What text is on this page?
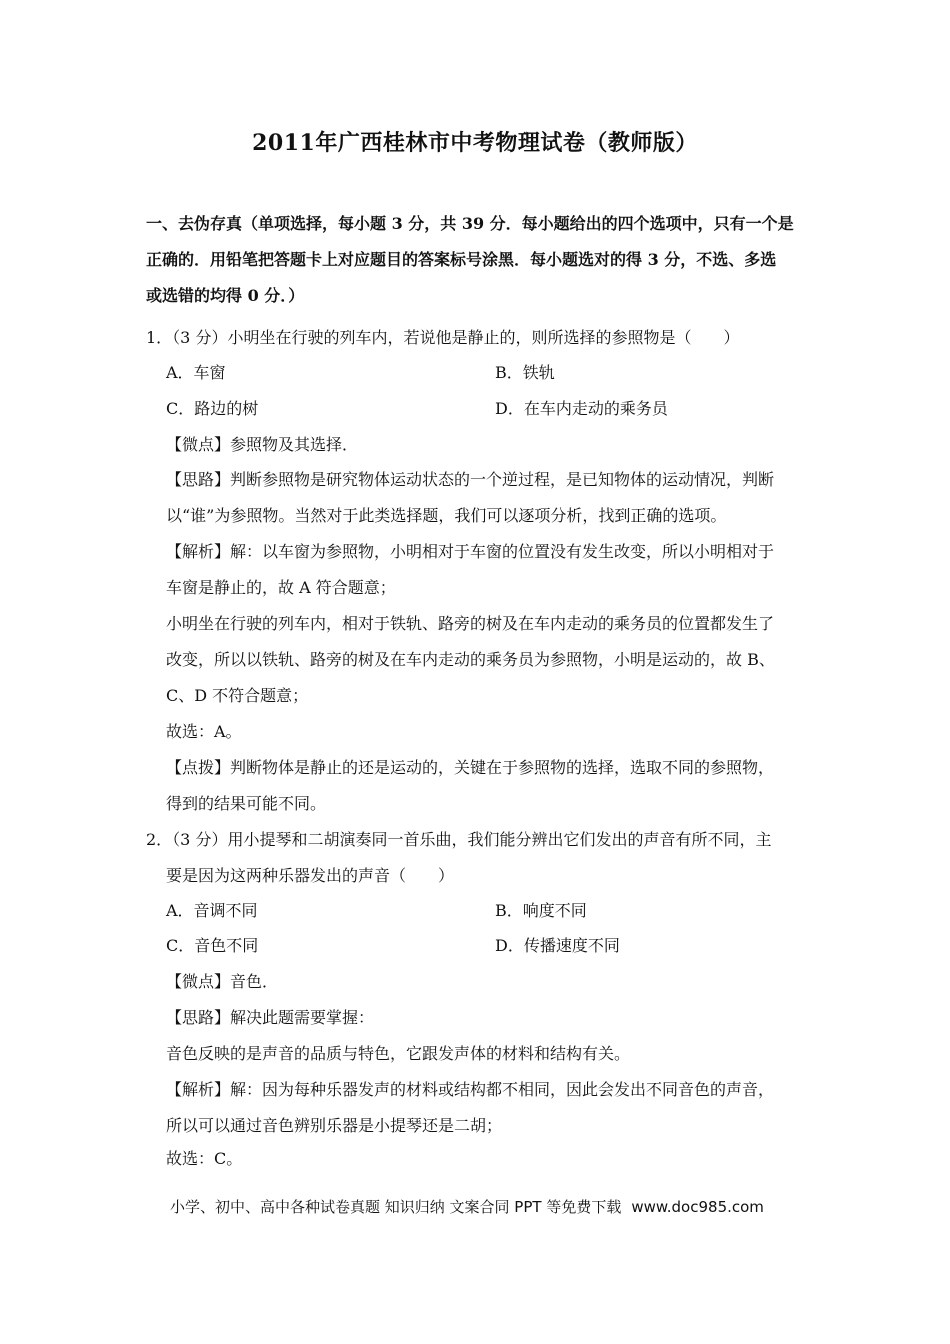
2011年广西桂林市中考物理试卷（教师版）
一、去伪存真（单项选择，每小题 3 分，共 39 分．每小题给出的四个选项中，只有一个是
正确的．用铅笔把答题卡上对应题目的答案标号涂黑．每小题选对的得 3 分，不选、多选
或选错的均得 0 分．）
1．（3 分）小明坐在行驶的列车内，若说他是静止的，则所选择的参照物是（　　）
A．车窗	B．铁轨
C．路边的树	D．在车内走动的乘务员
【微点】参照物及其选择．
【思路】判断参照物是研究物体运动状态的一个逆过程，是已知物体的运动情况，判断
以“谁”为参照物。当然对于此类选择题，我们可以逐项分析，找到正确的选项。
【解析】解：以车窗为参照物，小明相对于车窗的位置没有发生改变，所以小明相对于
车窗是静止的，故 A 符合题意；
小明坐在行驶的列车内，相对于铁轨、路旁的树及在车内走动的乘务员的位置都发生了
改变，所以以铁轨、路旁的树及在车内走动的乘务员为参照物，小明是运动的，故 B、
C、D 不符合题意；
故选：A。
【点拨】判断物体是静止的还是运动的，关键在于参照物的选择，选取不同的参照物，
得到的结果可能不同。
2．（3 分）用小提琴和二胡演奏同一首乐曲，我们能分辨出它们发出的声音有所不同，主
要是因为这两种乐器发出的声音（　　）
A．音调不同	B．响度不同
C．音色不同	D．传播速度不同
【微点】音色．
【思路】解决此题需要掌握：
音色反映的是声音的品质与特色，它跟发声体的材料和结构有关。
【解析】解：因为每种乐器发声的材料或结构都不相同，因此会发出不同音色的声音，
所以可以通过音色辨别乐器是小提琴还是二胡；
故选：C。
小学、初中、高中各种试卷真题 知识归纳 文案合同 PPT 等免费下载 www.doc985.com
